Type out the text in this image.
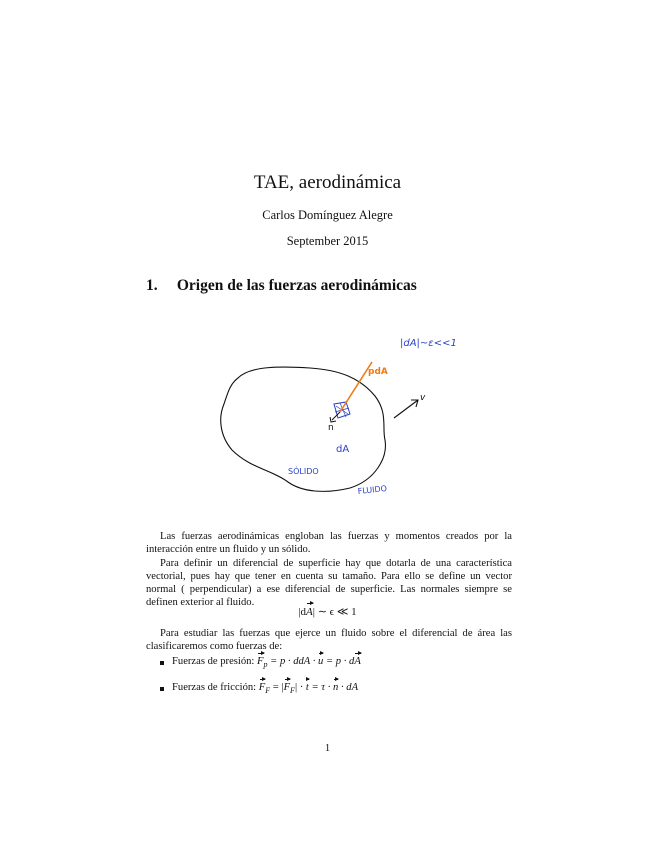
TAE, aerodinámica
Carlos Domínguez Alegre
September 2015
1. Origen de las fuerzas aerodinámicas
|dA|~ε<<1
pdA
v
n
dA
SÓLIDO
FLUIDO
Las fuerzas aerodinámicas engloban las fuerzas y momentos creados por la interacción entre un fluido y un sólido.
Para definir un diferencial de superficie hay que dotarla de una característica vectorial, pues hay que tener en cuenta su tamaño. Para ello se define un vector normal ( perpendicular) a ese diferencial de superficie. Las normales siempre se definen exterior al fluido.
|dA| ∼ ϵ ≪ 1
Para estudiar las fuerzas que ejerce un fluido sobre el diferencial de área las clasificaremos como fuerzas de:
Fuerzas de presión: $F_p = p$ · ddA · u = p · dA
Fuerzas de fricción: $F_F = |F_F| \cdot t = \tau \cdot n$ · dA
1
